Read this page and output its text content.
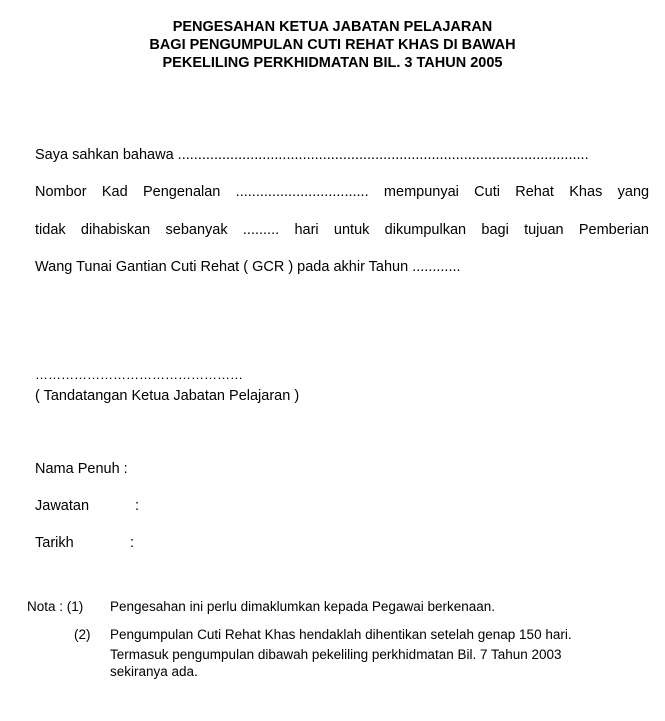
PENGESAHAN KETUA JABATAN PELAJARAN
BAGI PENGUMPULAN CUTI REHAT KHAS DI BAWAH
PEKELILING PERKHIDMATAN BIL. 3 TAHUN 2005
Saya sahkan bahawa ......................................................................................................
Nombor Kad Pengenalan ................................. mempunyai Cuti Rehat Khas yang
tidak dihabiskan sebanyak ......... hari untuk dikumpulkan bagi tujuan Pemberian
Wang Tunai Gantian Cuti Rehat ( GCR ) pada akhir Tahun ............
…………………………………………
( Tandatangan Ketua Jabatan Pelajaran )
Nama Penuh :
Jawatan	:
Tarikh	:
Nota : (1) Pengesahan ini perlu dimaklumkan kepada Pegawai berkenaan.
(2) Pengumpulan Cuti Rehat Khas hendaklah dihentikan setelah genap 150 hari.
Termasuk pengumpulan dibawah pekeliling perkhidmatan Bil. 7 Tahun 2003
sekiranya ada.
